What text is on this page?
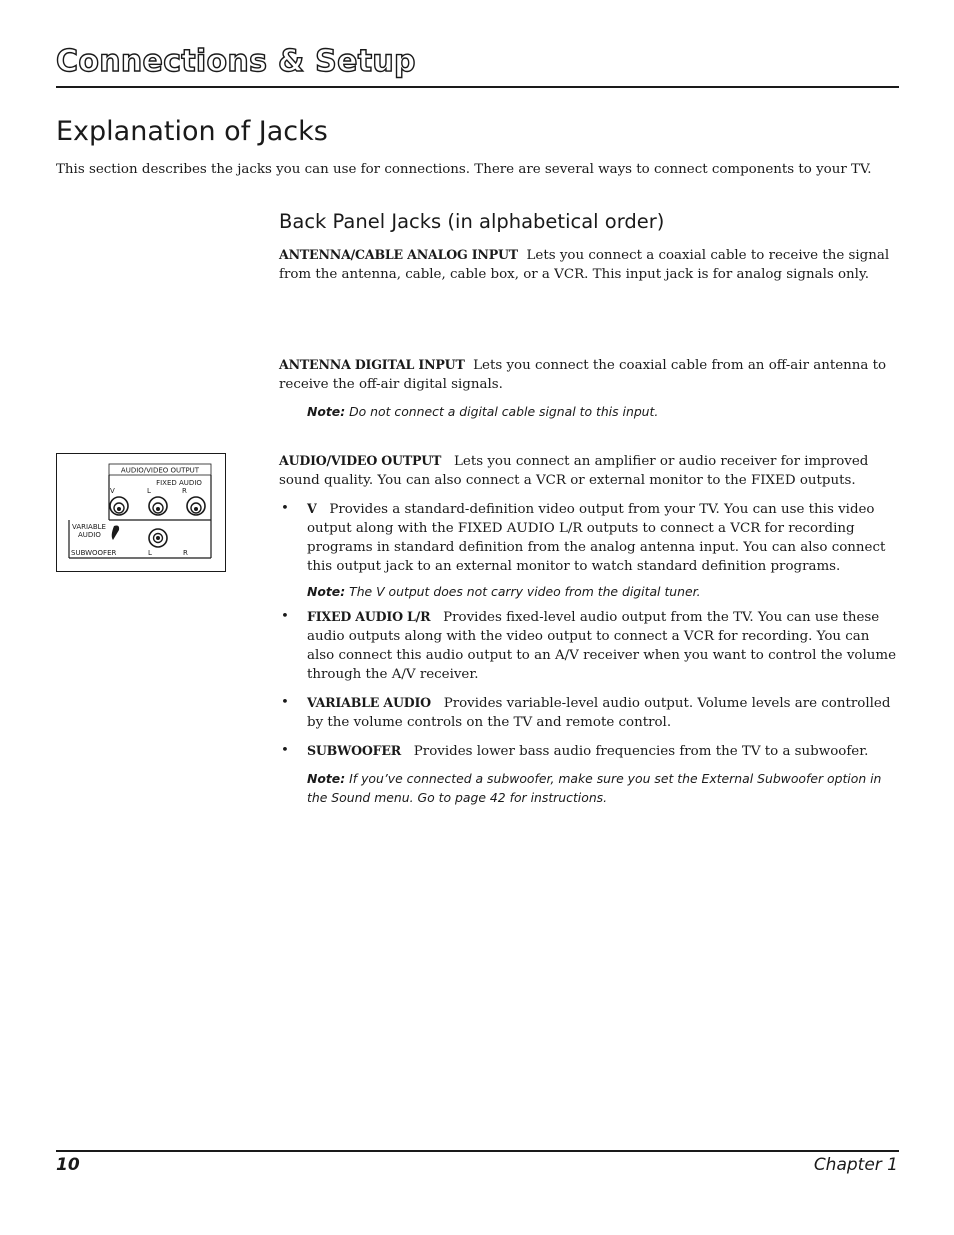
Connections & Setup
Explanation of Jacks
This section describes the jacks you can use for connections. There are several ways to connect components to your TV.
Back Panel Jacks (in alphabetical order)
ANTENNA/CABLE ANALOG INPUT Lets you connect a coaxial cable to receive the signal from the antenna, cable, cable box, or a VCR. This input jack is for analog signals only.
ANTENNA DIGITAL INPUT Lets you connect the coaxial cable from an off-air antenna to receive the off-air digital signals.
Note: Do not connect a digital cable signal to this input.
AUDIO/VIDEO OUTPUT Lets you connect an amplifier or audio receiver for improved sound quality. You can also connect a VCR or external monitor to the FIXED outputs.
• V Provides a standard-definition video output from your TV. You can use this video output along with the FIXED AUDIO L/R outputs to connect a VCR for recording programs in standard definition from the analog antenna input. You can also connect this output jack to an external monitor to watch standard definition programs.
Note: The V output does not carry video from the digital tuner.
• FIXED AUDIO L/R Provides fixed-level audio output from the TV. You can use these audio outputs along with the video output to connect a VCR for recording. You can also connect this audio output to an A/V receiver when you want to control the volume through the A/V receiver.
• VARIABLE AUDIO Provides variable-level audio output. Volume levels are controlled by the volume controls on the TV and remote control.
• SUBWOOFER Provides lower bass audio frequencies from the TV to a subwoofer.
Note: If you’ve connected a subwoofer, make sure you set the External Subwoofer option in the Sound menu. Go to page 42 for instructions.
AUDIO/VIDEO OUTPUT
FIXED AUDIO
V	L	R
VARIABLE
AUDIO
SUBWOOFER	L	R
10	Chapter 1
